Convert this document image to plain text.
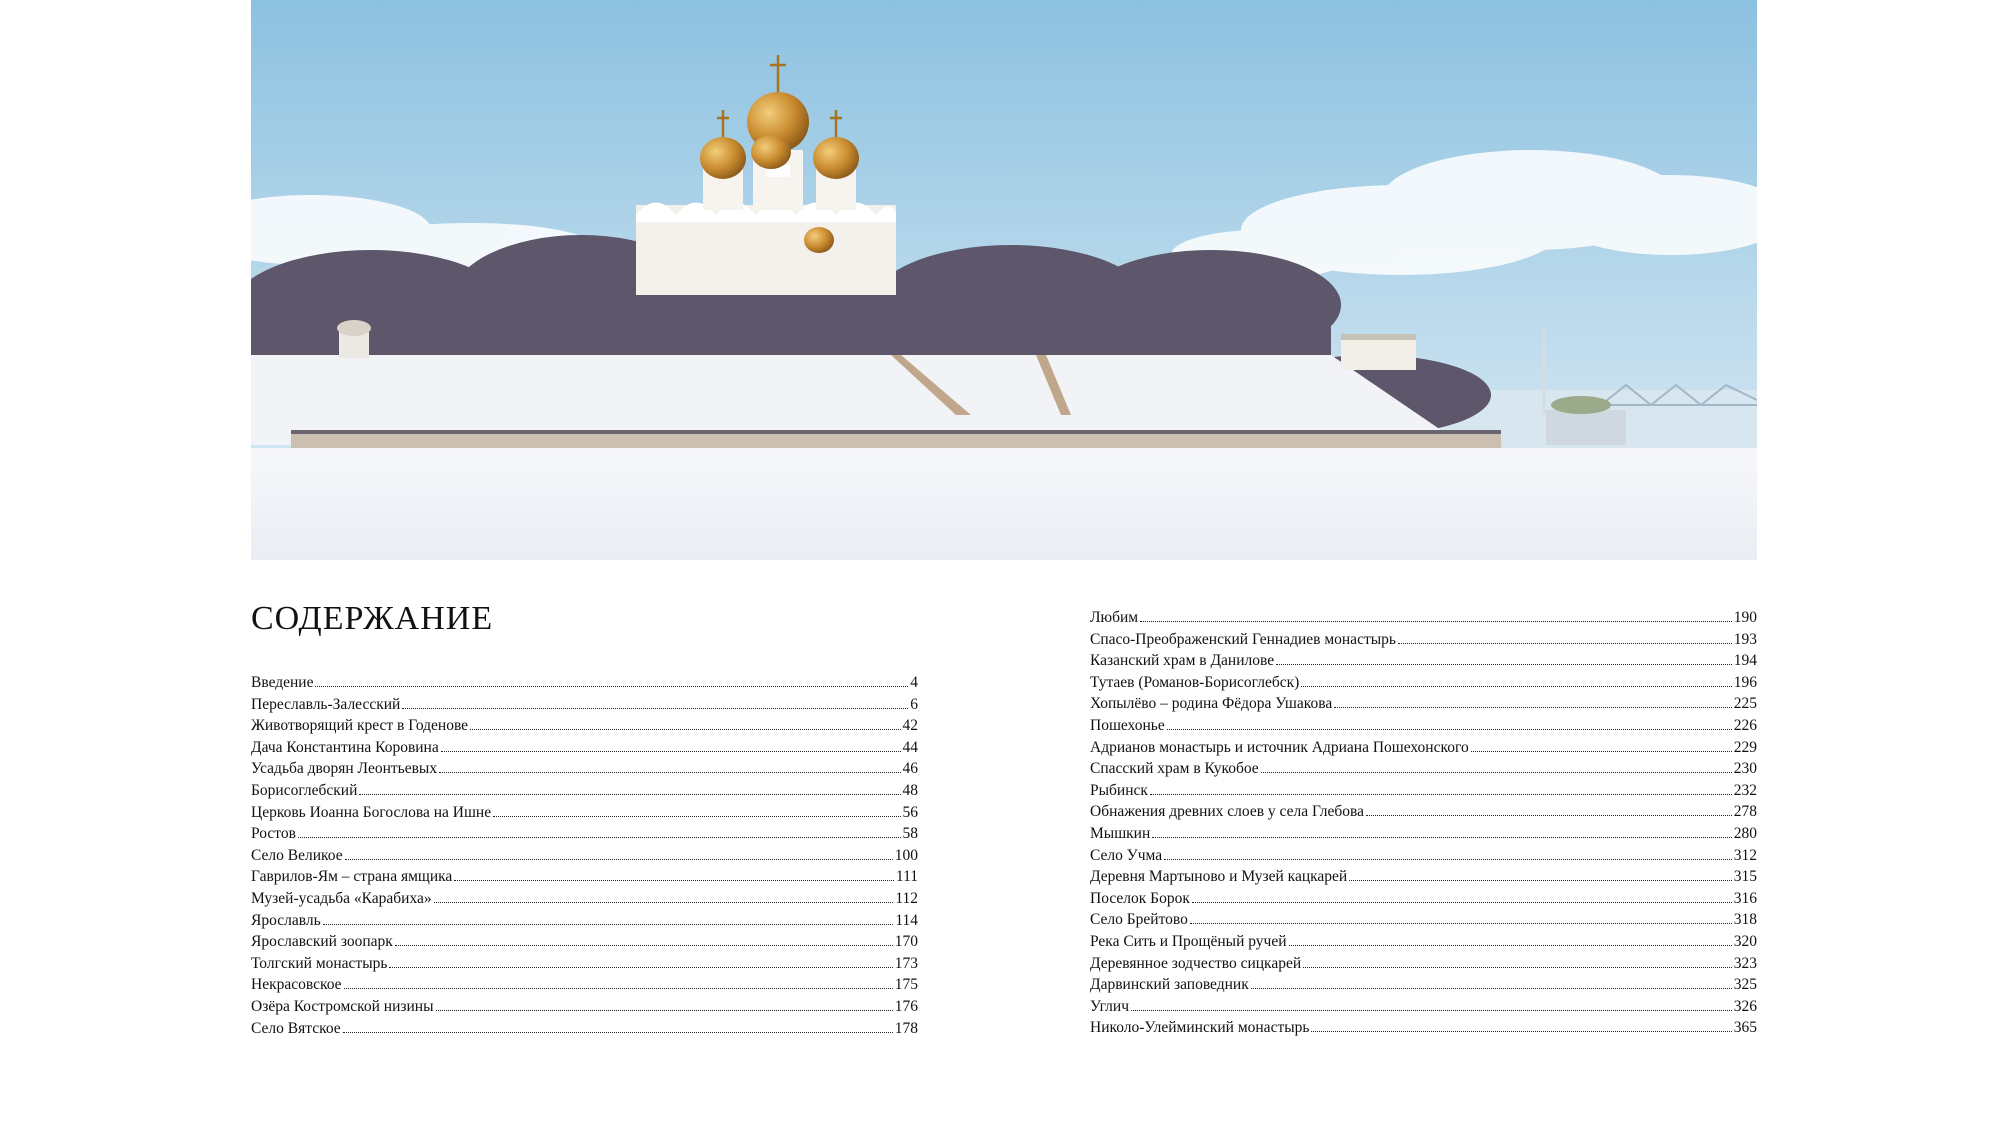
СОДЕРЖАНИЕ
Введение	4
Переславль-Залесский	6
Животворящий крест в Годенове	42
Дача Константина Коровина	44
Усадьба дворян Леонтьевых	46
Борисоглебский	48
Церковь Иоанна Богослова на Ишне	56
Ростов	58
Село Великое	100
Гаврилов-Ям – страна ямщика	111
Музей-усадьба «Карабиха»	112
Ярославль	114
Ярославский зоопарк	170
Толгский монастырь	173
Некрасовское	175
Озёра Костромской низины	176
Село Вятское	178
Любим	190
Спасо-Преображенский Геннадиев монастырь	193
Казанский храм в Данилове	194
Тутаев (Романов-Борисоглебск)	196
Хопылёво – родина Фёдора Ушакова	225
Пошехонье	226
Адрианов монастырь и источник Адриана Пошехонского	229
Спасский храм в Кукобое	230
Рыбинск	232
Обнажения древних слоев у села Глебова	278
Мышкин	280
Село Учма	312
Деревня Мартыново и Музей кацкарей	315
Поселок Борок	316
Село Брейтово	318
Река Сить и Прощёный ручей	320
Деревянное зодчество сицкарей	323
Дарвинский заповедник	325
Углич	326
Николо-Улейминский монастырь	365
